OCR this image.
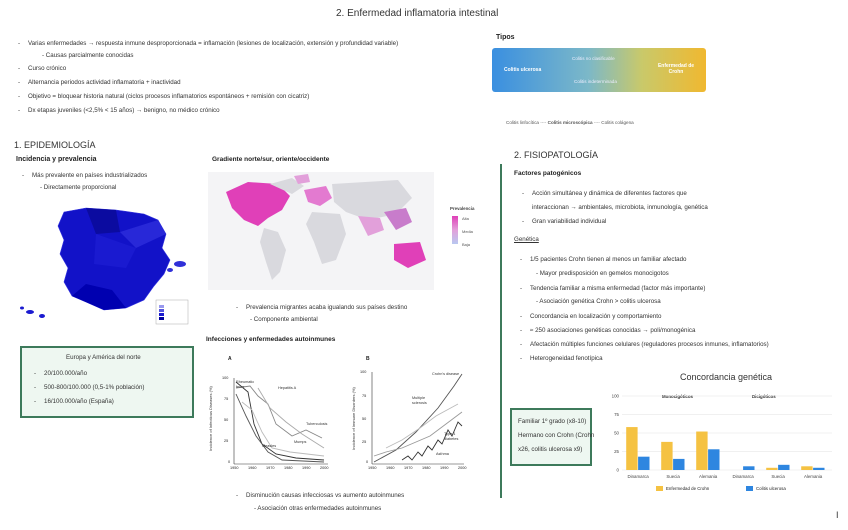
2. Enfermedad inflamatoria intestinal
- Varias enfermedades → respuesta inmune desproporcionada = inflamación (lesiones de localización, extensión y profundidad variable)
- Causas parcialmente conocidas
- Curso crónico
- Alternancia periodos actividad inflamatoria + inactividad
- Objetivo = bloquear historia natural (ciclos procesos inflamatorios espontáneos + remisión con cicatriz)
- Dx etapas juveniles (<2,5% < 15 años) → benigno, no médico crónico
Tipos
Colitis ulcerosa
Colitis no clasificable
Colitis indeterminada
Enfermedad de Crohn
Colitis linfocítica ---- Colitis microscópica ---- Colitis colágena
1. EPIDEMIOLOGÍA
Incidencia y prevalencia
- Más prevalente en países industrializados
- Directamente proporcional
Europa y América del norte
- 20/100.000/año
- 500-800/100.000 (0,5-1% población)
- 16/100.000/año (España)
Gradiente norte/sur, oriente/occidente
Prevalencia
Alta
Media
Baja
- Prevalencia migrantes acaba igualando sus países destino
- Componente ambiental
Infecciones y enfermedades autoinmunes
A	B
Incidence of Infectious Diseases (%)	Incidence of Immune Disorders (%)
Rheumatic fever	Hepatitis A
Tuberculosis
Mumps
Measles
Crohn's disease
Multiple sclerosis
Type 1 diabetes
Asthma
100
75
50
25
0
1950	1960	1970	1980	1990	2000
100
75
50
25
0
1950	1960	1970	1980	1990	2000
- Disminución causas infecciosas vs aumento autoinmunes
- Asociación otras enfermedades autoinmunes
2. FISIOPATOLOGÍA
Factores patogénicos
- Acción simultánea y dinámica de diferentes factores que
interaccionan → ambientales, microbiota, inmunología, genética
- Gran variabilidad individual
Genética
- 1/5 pacientes Crohn tienen al menos un familiar afectado
- Mayor predisposición en gemelos monocigotos
- Tendencia familiar a misma enfermedad (factor más importante)
- Asociación genética Crohn > colitis ulcerosa
- Concordancia en localización y comportamiento
- ≈ 250 asociaciones genéticas conocidas → poli/monogénica
- Afectación múltiples funciones celulares (reguladores procesos inmunes, inflamatorios)
- Heterogeneidad fenotípica
Familiar 1º grado (x8-10)
Hermano con Crohn (Crohn
x26, colitis ulcerosa x9)
Concordancia genética
Monocigóticos	Dicigóticos
100
75
50
25
0
Dinamarca	Suecia	Alemania	Dinamarca	Suecia	Alemania
Enfermedad de Crohn	Colitis ulcerosa
I
